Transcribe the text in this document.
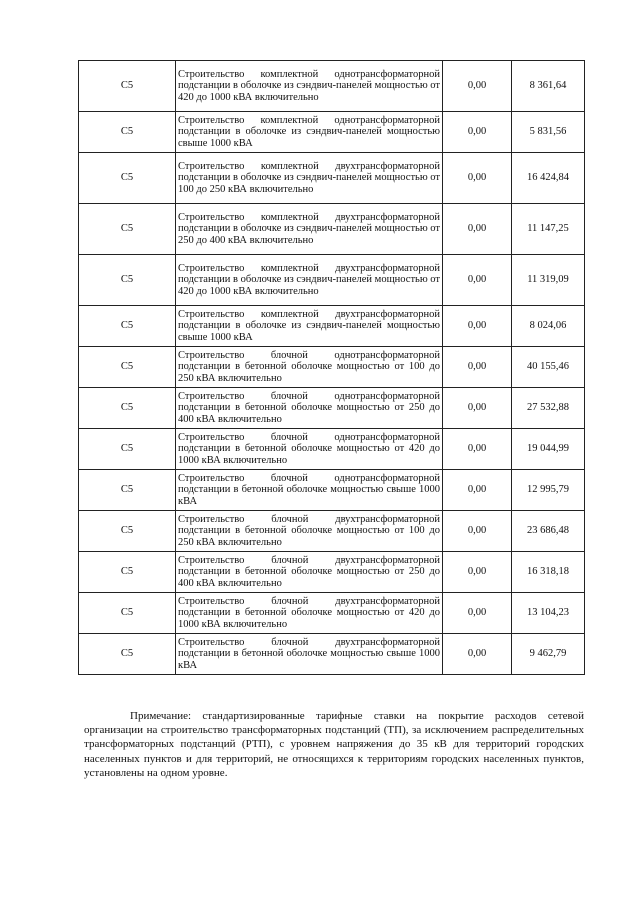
С5	Строительство комплектной однотрансформаторной подстанции в оболочке из сэндвич-панелей мощностью от 420 до 1000 кВА включительно	0,00	8 361,64
С5	Строительство комплектной однотрансформаторной подстанции в оболочке из сэндвич-панелей мощностью свыше 1000 кВА	0,00	5 831,56
С5	Строительство комплектной двухтрансформаторной подстанции в оболочке из сэндвич-панелей мощностью от 100 до 250 кВА включительно	0,00	16 424,84
С5	Строительство комплектной двухтрансформаторной подстанции в оболочке из сэндвич-панелей мощностью от 250 до 400 кВА включительно	0,00	11 147,25
С5	Строительство комплектной двухтрансформаторной подстанции в оболочке из сэндвич-панелей мощностью от 420 до 1000 кВА включительно	0,00	11 319,09
С5	Строительство комплектной двухтрансформаторной подстанции в оболочке из сэндвич-панелей мощностью свыше 1000 кВА	0,00	8 024,06
С5	Строительство блочной однотрансформаторной подстанции в бетонной оболочке мощностью от 100 до 250 кВА включительно	0,00	40 155,46
С5	Строительство блочной однотрансформаторной подстанции в бетонной оболочке мощностью от 250 до 400 кВА включительно	0,00	27 532,88
С5	Строительство блочной однотрансформаторной подстанции в бетонной оболочке мощностью от 420 до 1000 кВА включительно	0,00	19 044,99
С5	Строительство блочной однотрансформаторной подстанции в бетонной оболочке мощностью свыше 1000 кВА	0,00	12 995,79
С5	Строительство блочной двухтрансформаторной подстанции в бетонной оболочке мощностью от 100 до 250 кВА включительно	0,00	23 686,48
С5	Строительство блочной двухтрансформаторной подстанции в бетонной оболочке мощностью от 250 до 400 кВА включительно	0,00	16 318,18
С5	Строительство блочной двухтрансформаторной подстанции в бетонной оболочке мощностью от 420 до 1000 кВА включительно	0,00	13 104,23
С5	Строительство блочной двухтрансформаторной подстанции в бетонной оболочке мощностью свыше 1000 кВА	0,00	9 462,79

Примечание: стандартизированные тарифные ставки на покрытие расходов сетевой организации на строительство трансформаторных подстанций (ТП), за исключением распределительных трансформаторных подстанций (РТП), с уровнем напряжения до 35 кВ для территорий городских населенных пунктов и для территорий, не относящихся к территориям городских населенных пунктов, установлены на одном уровне.
